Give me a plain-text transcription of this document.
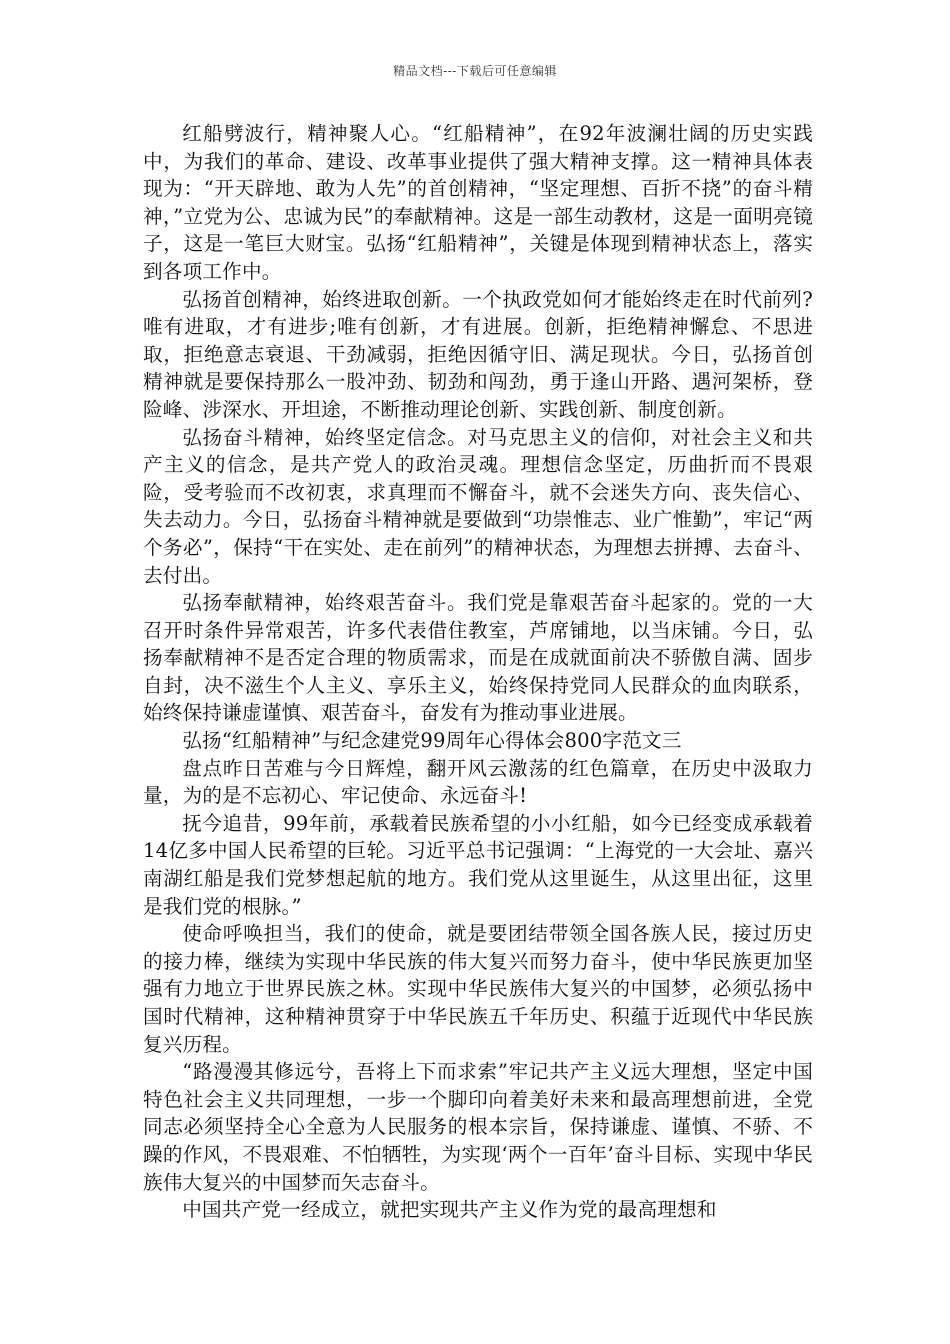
精品文档---下载后可任意编辑

红船劈波行，精神聚人心。“红船精神”，在92年波澜壮阔的历史实践中，为我们的革命、建设、改革事业提供了强大精神支撑。这一精神具体表现为：“开天辟地、敢为人先”的首创精神，“坚定理想、百折不挠”的奋斗精神，”立党为公、忠诚为民”的奉献精神。这是一部生动教材，这是一面明亮镜子，这是一笔巨大财宝。弘扬“红船精神”，关键是体现到精神状态上，落实到各项工作中。

弘扬首创精神，始终进取创新。一个执政党如何才能始终走在时代前列?唯有进取，才有进步;唯有创新，才有进展。创新，拒绝精神懈怠、不思进取，拒绝意志衰退、干劲减弱，拒绝因循守旧、满足现状。今日，弘扬首创精神就是要保持那么一股冲劲、韧劲和闯劲，勇于逢山开路、遇河架桥，登险峰、涉深水、开坦途，不断推动理论创新、实践创新、制度创新。

弘扬奋斗精神，始终坚定信念。对马克思主义的信仰，对社会主义和共产主义的信念，是共产党人的政治灵魂。理想信念坚定，历曲折而不畏艰险，受考验而不改初衷，求真理而不懈奋斗，就不会迷失方向、丧失信心、失去动力。今日，弘扬奋斗精神就是要做到“功崇惟志、业广惟勤”，牢记“两个务必”，保持“干在实处、走在前列”的精神状态，为理想去拼搏、去奋斗、去付出。

弘扬奉献精神，始终艰苦奋斗。我们党是靠艰苦奋斗起家的。党的一大召开时条件异常艰苦，许多代表借住教室，芦席铺地，以当床铺。今日，弘扬奉献精神不是否定合理的物质需求，而是在成就面前决不骄傲自满、固步自封，决不滋生个人主义、享乐主义，始终保持党同人民群众的血肉联系，始终保持谦虚谨慎、艰苦奋斗，奋发有为推动事业进展。

弘扬“红船精神”与纪念建党99周年心得体会800字范文三

盘点昨日苦难与今日辉煌，翻开风云激荡的红色篇章，在历史中汲取力量，为的是不忘初心、牢记使命、永远奋斗!

抚今追昔，99年前，承载着民族希望的小小红船，如今已经变成承载着14亿多中国人民希望的巨轮。习近平总书记强调：“上海党的一大会址、嘉兴南湖红船是我们党梦想起航的地方。我们党从这里诞生，从这里出征，这里是我们党的根脉。”

使命呼唤担当，我们的使命，就是要团结带领全国各族人民，接过历史的接力棒，继续为实现中华民族的伟大复兴而努力奋斗，使中华民族更加坚强有力地立于世界民族之林。实现中华民族伟大复兴的中国梦，必须弘扬中国时代精神，这种精神贯穿于中华民族五千年历史、积蕴于近现代中华民族复兴历程。

“路漫漫其修远兮，吾将上下而求索”牢记共产主义远大理想，坚定中国特色社会主义共同理想，一步一个脚印向着美好未来和最高理想前进，全党同志必须坚持全心全意为人民服务的根本宗旨，保持谦虚、谨慎、不骄、不躁的作风，不畏艰难、不怕牺牲，为实现‘两个一百年’奋斗目标、实现中华民族伟大复兴的中国梦而矢志奋斗。

中国共产党一经成立，就把实现共产主义作为党的最高理想和
